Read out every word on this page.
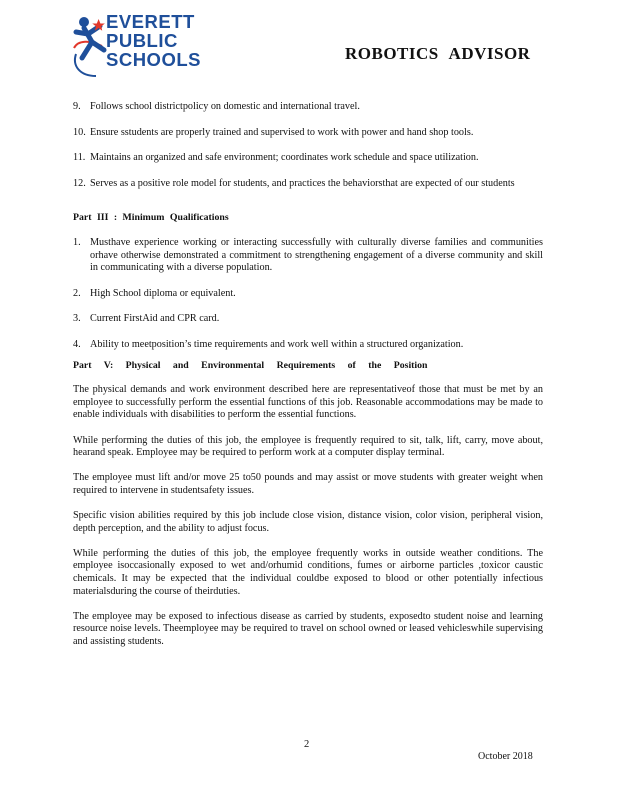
EVERETT
PUBLIC
SCHOOLS	ROBOTICS ADVISOR
9. Follows school districtpolicy on domestic and international travel.
10. Ensure sstudents are properly trained and supervised to work with power and hand shop tools.
11. Maintains an organized and safe environment; coordinates work schedule and space utilization.
12. Serves as a positive role model for students, and practices the behaviorsthat are expected of our students
Part III : Minimum Qualifications
1. Musthave experience working or interacting successfully with culturally diverse families and communities orhave otherwise demonstrated a commitment to strengthening engagement of a diverse community and skill in communicating with a diverse population.
2. High School diploma or equivalent.
3. Current FirstAid and CPR card.
4. Ability to meetposition’s time requirements and work well within a structured organization.
Part V: Physical and Environmental Requirements of the Position

The physical demands and work environment described here are representativeof those that must be met by an employee to successfully perform the essential functions of this job. Reasonable accommodations may be made to enable individuals with disabilities to perform the essential functions.

While performing the duties of this job, the employee is frequently required to sit, talk, lift, carry, move about, hearand speak. Employee may be required to perform work at a computer display terminal.

The employee must lift and/or move 25 to50 pounds and may assist or move students with greater weight when required to intervene in studentsafety issues.

Specific vision abilities required by this job include close vision, distance vision, color vision, peripheral vision, depth perception, and the ability to adjust focus.

While performing the duties of this job, the employee frequently works in outside weather conditions. The employee isoccasionally exposed to wet and/orhumid conditions, fumes or airborne particles ,toxicor caustic chemicals. It may be expected that the individual couldbe exposed to blood or other potentially infectious materialsduring the course of theirduties.

The employee may be exposed to infectious disease as carried by students, exposedto student noise and learning resource noise levels. Theemployee may be required to travel on school owned or leased vehicleswhile supervising and assisting students.

2
October 2018
